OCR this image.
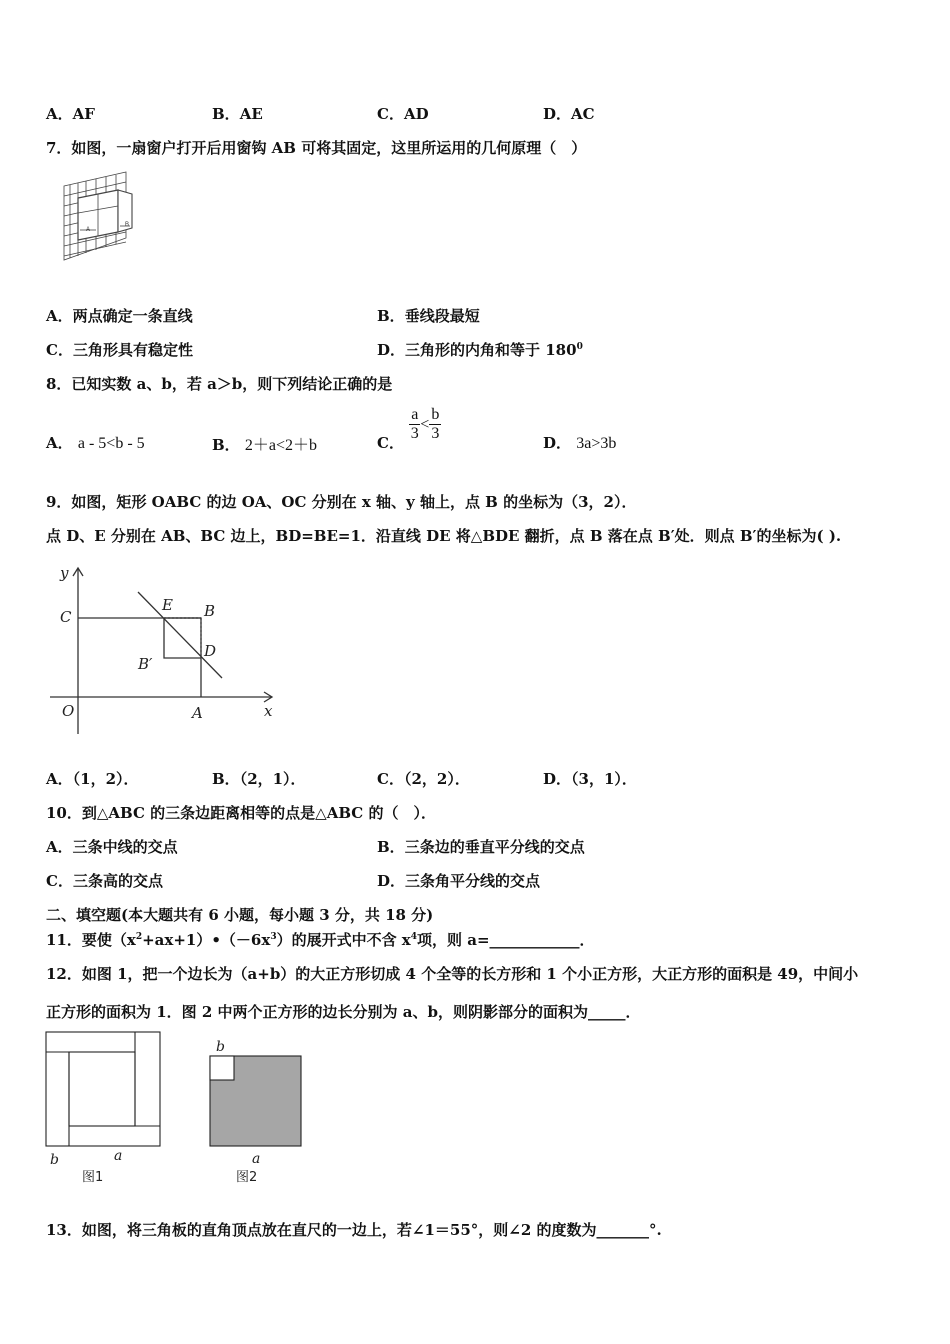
A．AF	B．AE	C．AD	D．AC
7．如图，一扇窗户打开后用窗钩 AB 可将其固定，这里所运用的几何原理（　）
A
B
A．两点确定一条直线	B．垂线段最短
C．三角形具有稳定性	D．三角形的内角和等于 $180^0$
8．已知实数 a、b，若 a＞b，则下列结论正确的是
A． a - 5<b - 5	B． 2＋a<2＋b	C． $\frac{a}{3} < \frac{b}{3}$	D． 3a>3b
9．如图，矩形 OABC 的边 OA、OC 分别在 x 轴、y 轴上，点 B 的坐标为（3，2）．
点 D、E 分别在 AB、BC 边上，BD=BE=1．沿直线 DE 将△BDE 翻折，点 B 落在点 B′处．则点 B′的坐标为( ).
y
x
C
O	A
B
E
D
B′
A．（1，2）．	B．（2，1）．	C．（2，2）．	D．（3，1）．
10．到△ABC 的三条边距离相等的点是△ABC 的（　）．
A．三条中线的交点	B．三条边的垂直平分线的交点
C．三条高的交点	D．三条角平分线的交点
二、填空题(本大题共有 6 小题，每小题 3 分，共 18 分)
11．要使$(x^2+ax+1)•(-6x^3)$的展开式中不含 $x^4$项，则 a=____________．
12．如图 1，把一个边长为（a+b）的大正方形切成 4 个全等的长方形和 1 个小正方形，大正方形的面积是 49，中间小
正方形的面积为 1．图 2 中两个正方形的边长分别为 a、b，则阴影部分的面积为_____．
b	a
图1
b
a
图2
13．如图，将三角板的直角顶点放在直尺的一边上，若∠1＝55°，则∠2 的度数为_______°.
